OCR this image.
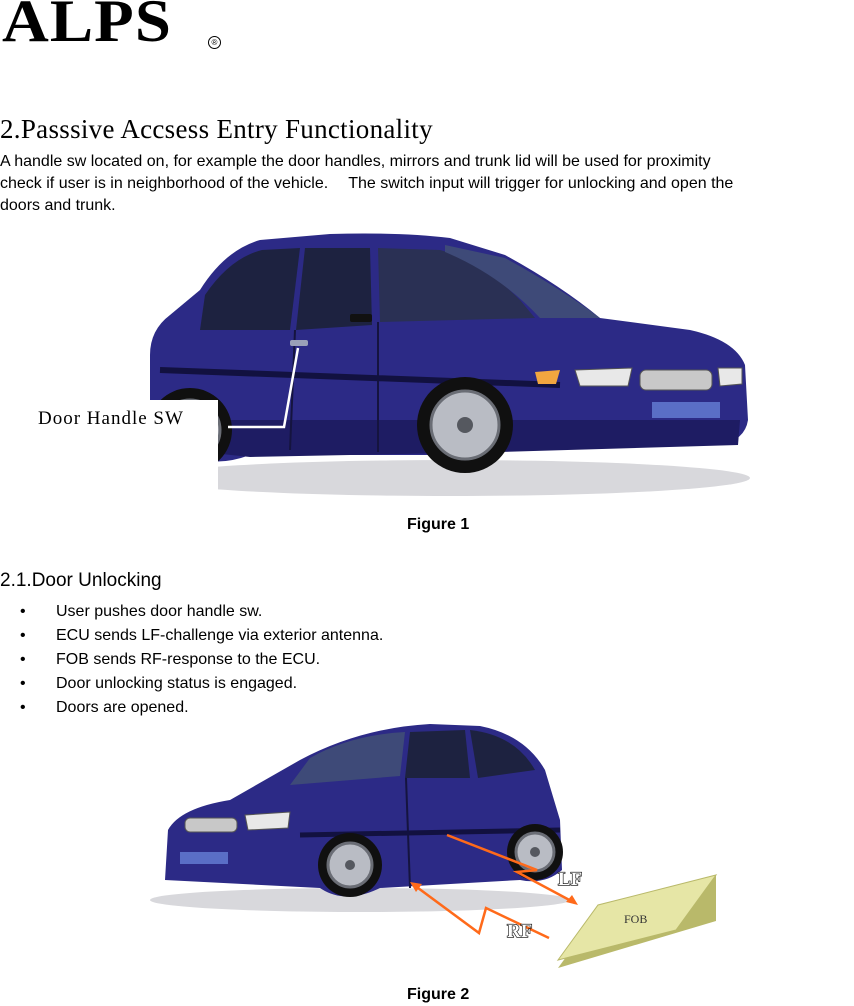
ALPS	®
2.Passsive Accsess Entry Functionality
A handle sw located on, for example the door handles, mirrors and trunk lid will be used for proximity
check if user is in neighborhood of the vehicle. The switch input will trigger for unlocking and open the
doors and trunk.
Door Handle SW
Figure 1
2.1.Door Unlocking
• User pushes door handle sw.
• ECU sends LF-challenge via exterior antenna.
• FOB sends RF-response to the ECU.
• Door unlocking status is engaged.
• Doors are opened.
LF
RF
FOB
Figure 2
